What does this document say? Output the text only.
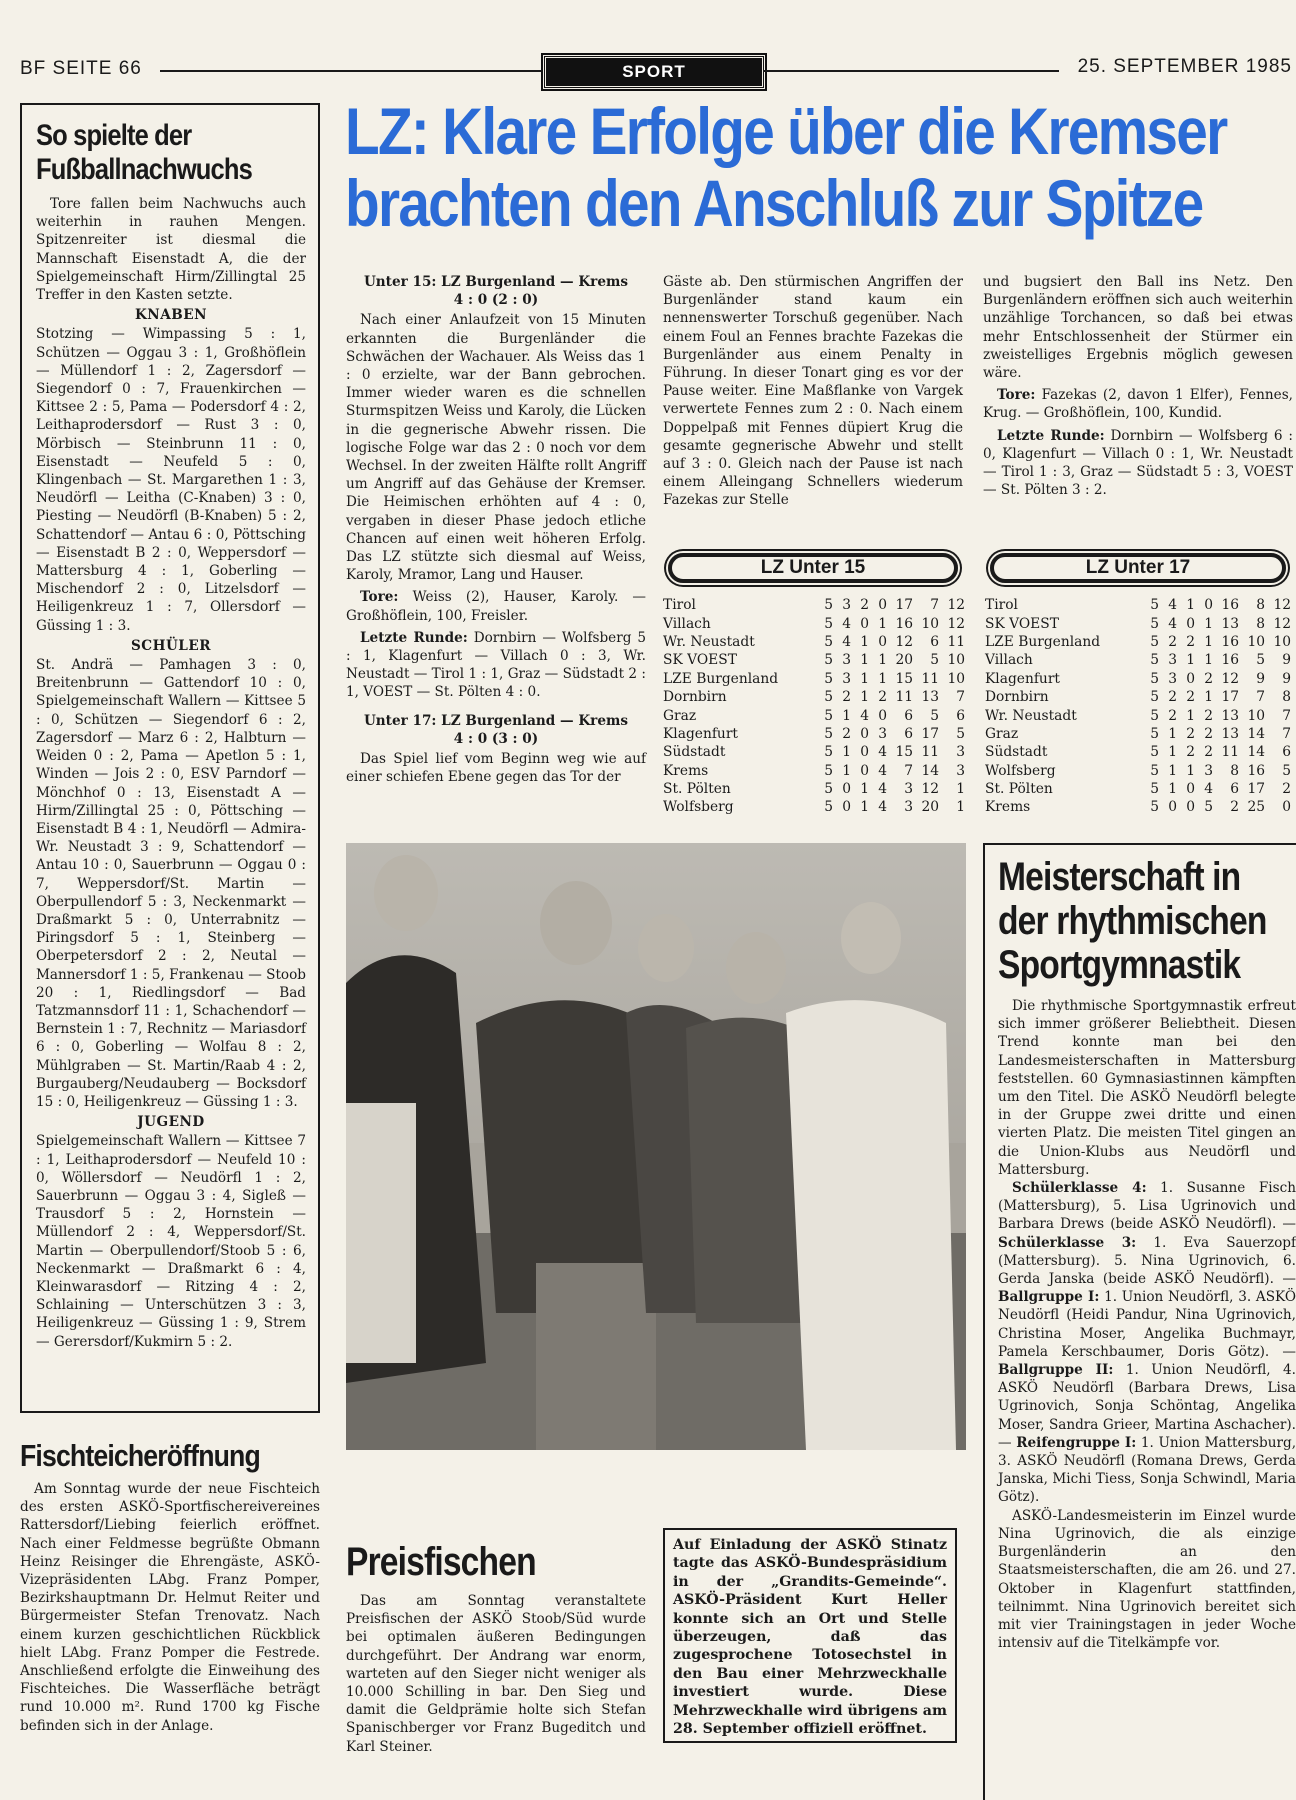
BF SEITE 66	SPORT	25. SEPTEMBER 1985
LZ: Klare Erfolge über die Kremser
brachten den Anschluß zur Spitze
So spielte der
Fußballnachwuchs

Tore fallen beim Nachwuchs auch weiterhin in rauhen Mengen. Spitzenreiter ist diesmal die Mannschaft Eisenstadt A, die der Spielgemeinschaft Hirm/Zillingtal 25 Treffer in den Kasten setzte.

KNABEN

Stotzing — Wimpassing 5 : 1, Schützen — Oggau 3 : 1, Großhöflein — Müllendorf 1 : 2, Zagersdorf — Siegendorf 0 : 7, Frauenkirchen — Kittsee 2 : 5, Pama — Podersdorf 4 : 2, Leithaprodersdorf — Rust 3 : 0, Mörbisch — Steinbrunn 11 : 0, Eisenstadt — Neufeld 5 : 0, Klingenbach — St. Margarethen 1 : 3, Neudörfl — Leitha (C-Knaben) 3 : 0, Piesting — Neudörfl (B-Knaben) 5 : 2, Schattendorf — Antau 6 : 0, Pöttsching — Eisenstadt B 2 : 0, Weppersdorf — Mattersburg 4 : 1, Goberling — Mischendorf 2 : 0, Litzelsdorf — Heiligenkreuz 1 : 7, Ollersdorf — Güssing 1 : 3.

SCHÜLER

St. Andrä — Pamhagen 3 : 0, Breitenbrunn — Gattendorf 10 : 0, Spielgemeinschaft Wallern — Kittsee 5 : 0, Schützen — Siegendorf 6 : 2, Zagersdorf — Marz 6 : 2, Halbturn — Weiden 0 : 2, Pama — Apetlon 5 : 1, Winden — Jois 2 : 0, ESV Parndorf — Mönchhof 0 : 13, Eisenstadt A — Hirm/Zillingtal 25 : 0, Pöttsching — Eisenstadt B 4 : 1, Neudörfl — Admira-Wr. Neustadt 3 : 9, Schattendorf — Antau 10 : 0, Sauerbrunn — Oggau 0 : 7, Weppersdorf/St. Martin — Oberpullendorf 5 : 3, Neckenmarkt — Draßmarkt 5 : 0, Unterrabnitz — Piringsdorf 5 : 1, Steinberg — Oberpetersdorf 2 : 2, Neutal — Mannersdorf 1 : 5, Frankenau — Stoob 20 : 1, Riedlingsdorf — Bad Tatzmannsdorf 11 : 1, Schachendorf — Bernstein 1 : 7, Rechnitz — Mariasdorf 6 : 0, Goberling — Wolfau 8 : 2, Mühlgraben — St. Martin/Raab 4 : 2, Burgauberg/Neudauberg — Bocksdorf 15 : 0, Heiligenkreuz — Güssing 1 : 3.

JUGEND

Spielgemeinschaft Wallern — Kittsee 7 : 1, Leithaprodersdorf — Neufeld 10 : 0, Wöllersdorf — Neudörfl 1 : 2, Sauerbrunn — Oggau 3 : 4, Sigleß — Trausdorf 5 : 2, Hornstein — Müllendorf 2 : 4, Weppersdorf/St. Martin — Oberpullendorf/Stoob 5 : 6, Neckenmarkt — Draßmarkt 6 : 4, Kleinwarasdorf — Ritzing 4 : 2, Schlaining — Unterschützen 3 : 3, Heiligenkreuz — Güssing 1 : 9, Strem — Gerersdorf/Kukmirn 5 : 2.

Fischteicheröffnung

Am Sonntag wurde der neue Fischteich des ersten ASKÖ-Sportfischereivereines Rattersdorf/Liebing feierlich eröffnet. Nach einer Feldmesse begrüßte Obmann Heinz Reisinger die Ehrengäste, ASKÖ-Vizepräsidenten LAbg. Franz Pomper, Bezirkshauptmann Dr. Helmut Reiter und Bürgermeister Stefan Trenovatz. Nach einem kurzen geschichtlichen Rückblick hielt LAbg. Franz Pomper die Festrede. Anschließend erfolgte die Einweihung des Fischteiches. Die Wasserfläche beträgt rund 10.000 m². Rund 1700 kg Fische befinden sich in der Anlage.

Unter 15: LZ Burgenland — Krems
4 : 0 (2 : 0)

Nach einer Anlaufzeit von 15 Minuten erkannten die Burgenländer die Schwächen der Wachauer. Als Weiss das 1 : 0 erzielte, war der Bann gebrochen. Immer wieder waren es die schnellen Sturmspitzen Weiss und Karoly, die Lücken in die gegnerische Abwehr rissen. Die logische Folge war das 2 : 0 noch vor dem Wechsel. In der zweiten Hälfte rollt Angriff um Angriff auf das Gehäuse der Kremser. Die Heimischen erhöhten auf 4 : 0, vergaben in dieser Phase jedoch etliche Chancen auf einen weit höheren Erfolg. Das LZ stützte sich diesmal auf Weiss, Karoly, Mramor, Lang und Hauser.

Tore: Weiss (2), Hauser, Karoly. — Großhöflein, 100, Freisler.

Letzte Runde: Dornbirn — Wolfsberg 5 : 1, Klagenfurt — Villach 0 : 3, Wr. Neustadt — Tirol 1 : 1, Graz — Südstadt 2 : 1, VOEST — St. Pölten 4 : 0.

Unter 17: LZ Burgenland — Krems
4 : 0 (3 : 0)

Das Spiel lief vom Beginn weg wie auf einer schiefen Ebene gegen das Tor der

Gäste ab. Den stürmischen Angriffen der Burgenländer stand kaum ein nennenswerter Torschuß gegenüber. Nach einem Foul an Fennes brachte Fazekas die Burgenländer aus einem Penalty in Führung. In dieser Tonart ging es vor der Pause weiter. Eine Maßflanke von Vargek verwertete Fennes zum 2 : 0. Nach einem Doppelpaß mit Fennes düpiert Krug die gesamte gegnerische Abwehr und stellt auf 3 : 0. Gleich nach der Pause ist nach einem Alleingang Schnellers wiederum Fazekas zur Stelle

und bugsiert den Ball ins Netz. Den Burgenländern eröffnen sich auch weiterhin unzählige Torchancen, so daß bei etwas mehr Entschlossenheit der Stürmer ein zweistelliges Ergebnis möglich gewesen wäre.

Tore: Fazekas (2, davon 1 Elfer), Fennes, Krug. — Großhöflein, 100, Kundid.

Letzte Runde: Dornbirn — Wolfsberg 6 : 0, Klagenfurt — Villach 0 : 1, Wr. Neustadt — Tirol 1 : 3, Graz — Südstadt 5 : 3, VOEST — St. Pölten 3 : 2.

LZ Unter 15
Tirol	5	3	2	0	17	7	12
Villach	5	4	0	1	16	10	12
Wr. Neustadt	5	4	1	0	12	6	11
SK VOEST	5	3	1	1	20	5	10
LZE Burgenland	5	3	1	1	15	11	10
Dornbirn	5	2	1	2	11	13	7
Graz	5	1	4	0	6	5	6
Klagenfurt	5	2	0	3	6	17	5
Südstadt	5	1	0	4	15	11	3
Krems	5	1	0	4	7	14	3
St. Pölten	5	0	1	4	3	12	1
Wolfsberg	5	0	1	4	3	20	1
LZ Unter 17
Tirol	5	4	1	0	16	8	12
SK VOEST	5	4	0	1	13	8	12
LZE Burgenland	5	2	2	1	16	10	10
Villach	5	3	1	1	16	5	9
Klagenfurt	5	3	0	2	12	9	9
Dornbirn	5	2	2	1	17	7	8
Wr. Neustadt	5	2	1	2	13	10	7
Graz	5	1	2	2	13	14	7
Südstadt	5	1	2	2	11	14	6
Wolfsberg	5	1	1	3	8	16	5
St. Pölten	5	1	0	4	6	17	2
Krems	5	0	0	5	2	25	0
Preisfischen

Das am Sonntag veranstaltete Preisfischen der ASKÖ Stoob/Süd wurde bei optimalen äußeren Bedingungen durchgeführt. Der Andrang war enorm, warteten auf den Sieger nicht weniger als 10.000 Schilling in bar. Den Sieg und damit die Geldprämie holte sich Stefan Spanischberger vor Franz Bugeditch und Karl Steiner.

Auf Einladung der ASKÖ Stinatz tagte das ASKÖ-Bundespräsidium in der „Grandits-Gemeinde“. ASKÖ-Präsident Kurt Heller konnte sich an Ort und Stelle überzeugen, daß das zugesprochene Totosechstel in den Bau einer Mehrzweckhalle investiert wurde. Diese Mehrzweckhalle wird übrigens am 28. September offiziell eröffnet.
Meisterschaft in
der rhythmischen
Sportgymnastik

Die rhythmische Sportgymnastik erfreut sich immer größerer Beliebtheit. Diesen Trend konnte man bei den Landesmeisterschaften in Mattersburg feststellen. 60 Gymnasiastinnen kämpften um den Titel. Die ASKÖ Neudörfl belegte in der Gruppe zwei dritte und einen vierten Platz. Die meisten Titel gingen an die Union-Klubs aus Neudörfl und Mattersburg.

Schülerklasse 4: 1. Susanne Fisch (Mattersburg), 5. Lisa Ugrinovich und Barbara Drews (beide ASKÖ Neudörfl). — Schülerklasse 3: 1. Eva Sauerzopf (Mattersburg). 5. Nina Ugrinovich, 6. Gerda Janska (beide ASKÖ Neudörfl). — Ballgruppe I: 1. Union Neudörfl, 3. ASKÖ Neudörfl (Heidi Pandur, Nina Ugrinovich, Christina Moser, Angelika Buchmayr, Pamela Kerschbaumer, Doris Götz). — Ballgruppe II: 1. Union Neudörfl, 4. ASKÖ Neudörfl (Barbara Drews, Lisa Ugrinovich, Sonja Schöntag, Angelika Moser, Sandra Grieer, Martina Aschacher). — Reifengruppe I: 1. Union Mattersburg, 3. ASKÖ Neudörfl (Romana Drews, Gerda Janska, Michi Tiess, Sonja Schwindl, Maria Götz).

ASKÖ-Landesmeisterin im Einzel wurde Nina Ugrinovich, die als einzige Burgenländerin an den Staatsmeisterschaften, die am 26. und 27. Oktober in Klagenfurt stattfinden, teilnimmt. Nina Ugrinovich bereitet sich mit vier Trainingstagen in jeder Woche intensiv auf die Titelkämpfe vor.
